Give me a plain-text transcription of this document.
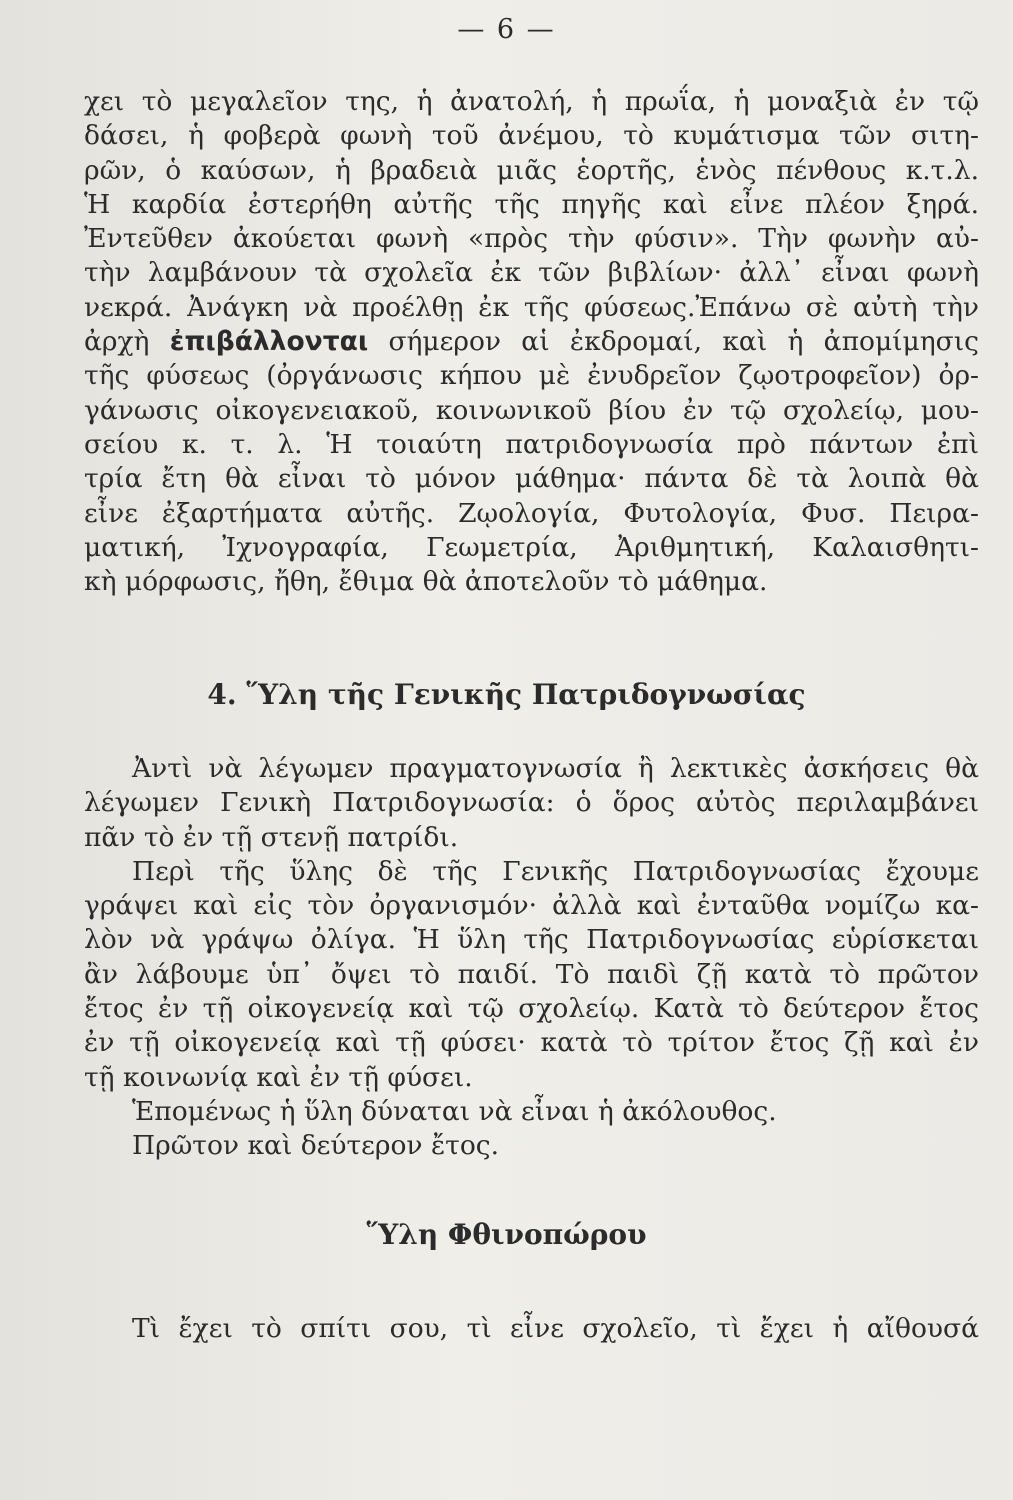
— 6 —
χει τὸ μεγαλεῖον της, ἡ ἀνατολή, ἡ πρωΐα, ἡ μοναξιὰ ἐν τῷ
δάσει, ἡ φοβερὰ φωνὴ τοῦ ἀνέμου, τὸ κυμάτισμα τῶν σιτη-
ρῶν, ὁ καύσων, ἡ βραδειὰ μιᾶς ἑορτῆς, ἑνὸς πένθους κ.τ.λ.
Ἡ καρδία ἐστερήθη αὐτῆς τῆς πηγῆς καὶ εἶνε πλέον ξηρά.
Ἐντεῦθεν ἀκούεται φωνὴ «πρὸς τὴν φύσιν». Τὴν φωνὴν αὐ-
τὴν λαμβάνουν τὰ σχολεῖα ἐκ τῶν βιβλίων· ἀλλ᾿ εἶναι φωνὴ
νεκρά. Ἀνάγκη νὰ προέλθῃ ἐκ τῆς φύσεως.Ἐπάνω σὲ αὐτὴ τὴν
ἀρχὴ ἐπιβάλλονται σήμερον αἱ ἐκδρομαί, καὶ ἡ ἀπομίμησις
τῆς φύσεως (ὀργάνωσις κήπου μὲ ἐνυδρεῖον ζῳοτροφεῖον) ὀρ-
γάνωσις οἰκογενειακοῦ, κοινωνικοῦ βίου ἐν τῷ σχολείῳ, μου-
σείου κ. τ. λ. Ἡ τοιαύτη πατριδογνωσία πρὸ πάντων ἐπὶ
τρία ἔτη θὰ εἶναι τὸ μόνον μάθημα· πάντα δὲ τὰ λοιπὰ θὰ
εἶνε ἐξαρτήματα αὐτῆς. Ζῳολογία, Φυτολογία, Φυσ. Πειρα-
ματική, Ἰχνογραφία, Γεωμετρία, Ἀριθμητική, Καλαισθητι-
κὴ μόρφωσις, ἤθη, ἔθιμα θὰ ἀποτελοῦν τὸ μάθημα.
4. Ὕλη τῆς Γενικῆς Πατριδογνωσίας
Ἀντὶ νὰ λέγωμεν πραγματογνωσία ἢ λεκτικὲς ἀσκήσεις θὰ
λέγωμεν Γενικὴ Πατριδογνωσία: ὁ ὅρος αὐτὸς περιλαμβάνει
πᾶν τὸ ἐν τῇ στενῇ πατρίδι.
Περὶ τῆς ὕλης δὲ τῆς Γενικῆς Πατριδογνωσίας ἔχουμε
γράψει καὶ εἰς τὸν ὀργανισμόν· ἀλλὰ καὶ ἐνταῦθα νομίζω κα-
λὸν νὰ γράψω ὀλίγα. Ἡ ὕλη τῆς Πατριδογνωσίας εὑρίσκεται
ἂν λάβουμε ὑπ᾿ ὄψει τὸ παιδί. Τὸ παιδὶ ζῇ κατὰ τὸ πρῶτον
ἔτος ἐν τῇ οἰκογενείᾳ καὶ τῷ σχολείῳ. Κατὰ τὸ δεύτερον ἔτος
ἐν τῇ οἰκογενείᾳ καὶ τῇ φύσει· κατὰ τὸ τρίτον ἔτος ζῇ καὶ ἐν
τῇ κοινωνίᾳ καὶ ἐν τῇ φύσει.
Ἑπομένως ἡ ὕλη δύναται νὰ εἶναι ἡ ἀκόλουθος.
Πρῶτον καὶ δεύτερον ἔτος.
Ὕλη Φθινοπώρου
Τὶ ἔχει τὸ σπίτι σου, τὶ εἶνε σχολεῖο, τὶ ἔχει ἡ αἴθουσά
